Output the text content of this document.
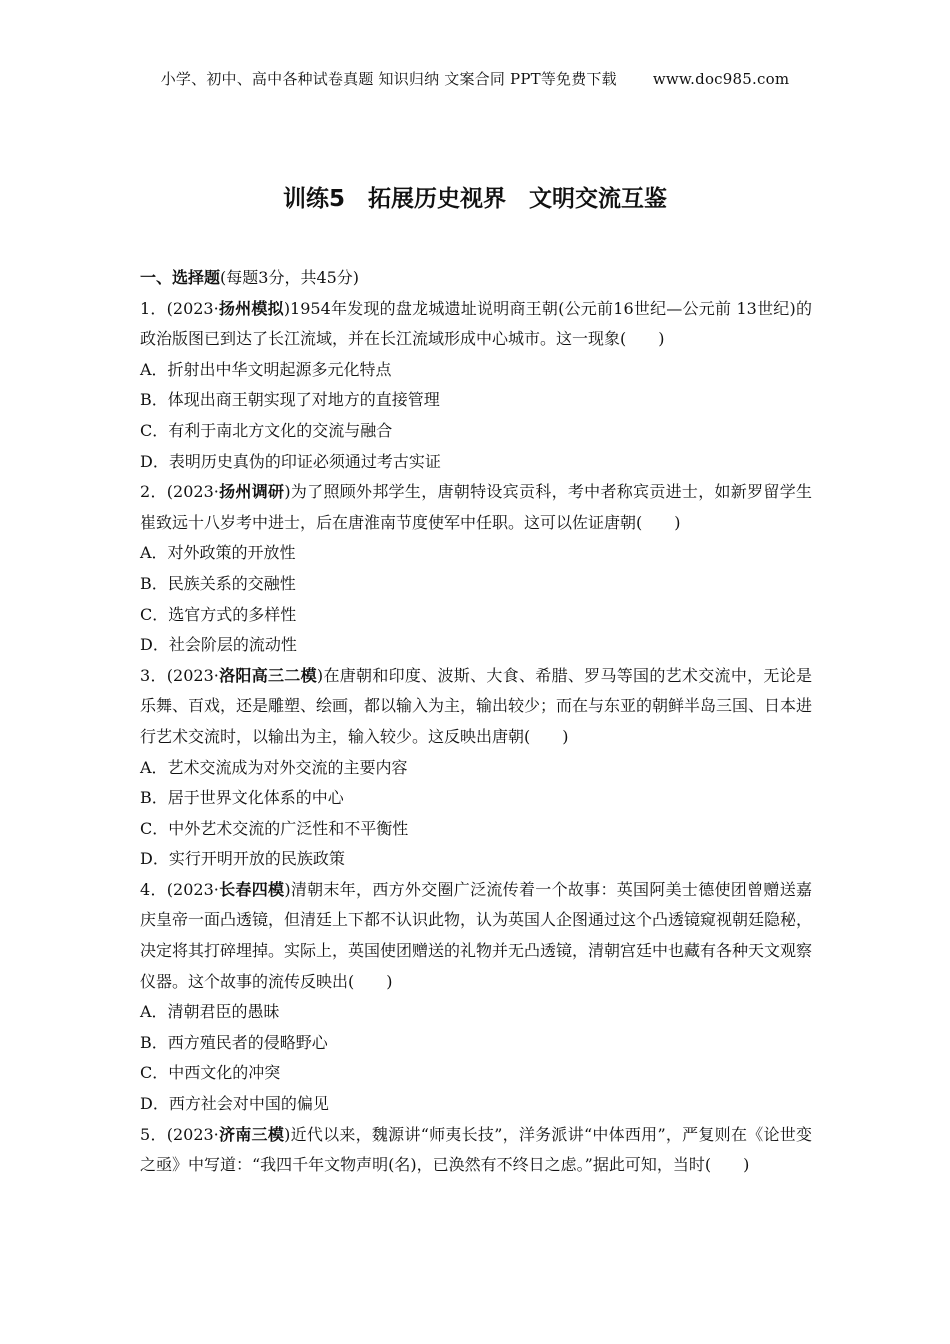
小学、初中、高中各种试卷真题 知识归纳 文案合同 PPT等免费下载 www.doc985.com
训练5　拓展历史视界　文明交流互鉴
一、选择题(每题3分，共45分)
1．(2023·扬州模拟)1954年发现的盘龙城遗址说明商王朝(公元前16世纪—公元前 13世纪)的政治版图已到达了长江流域，并在长江流域形成中心城市。这一现象(　　)
A．折射出中华文明起源多元化特点
B．体现出商王朝实现了对地方的直接管理
C．有利于南北方文化的交流与融合
D．表明历史真伪的印证必须通过考古实证
2．(2023·扬州调研)为了照顾外邦学生，唐朝特设宾贡科，考中者称宾贡进士，如新罗留学生崔致远十八岁考中进士，后在唐淮南节度使军中任职。这可以佐证唐朝(　　)
A．对外政策的开放性
B．民族关系的交融性
C．选官方式的多样性
D．社会阶层的流动性
3．(2023·洛阳高三二模)在唐朝和印度、波斯、大食、希腊、罗马等国的艺术交流中，无论是乐舞、百戏，还是雕塑、绘画，都以输入为主，输出较少；而在与东亚的朝鲜半岛三国、日本进行艺术交流时，以输出为主，输入较少。这反映出唐朝(　　)
A．艺术交流成为对外交流的主要内容
B．居于世界文化体系的中心
C．中外艺术交流的广泛性和不平衡性
D．实行开明开放的民族政策
4．(2023·长春四模)清朝末年，西方外交圈广泛流传着一个故事：英国阿美士德使团曾赠送嘉庆皇帝一面凸透镜，但清廷上下都不认识此物，认为英国人企图通过这个凸透镜窥视朝廷隐秘，决定将其打碎埋掉。实际上，英国使团赠送的礼物并无凸透镜，清朝宫廷中也藏有各种天文观察仪器。这个故事的流传反映出(　　)
A．清朝君臣的愚昧
B．西方殖民者的侵略野心
C．中西文化的冲突
D．西方社会对中国的偏见
5．(2023·济南三模)近代以来，魏源讲“师夷长技”，洋务派讲“中体西用”，严复则在《论世变之亟》中写道：“我四千年文物声明(名)，已涣然有不终日之虑。”据此可知，当时(　　)
